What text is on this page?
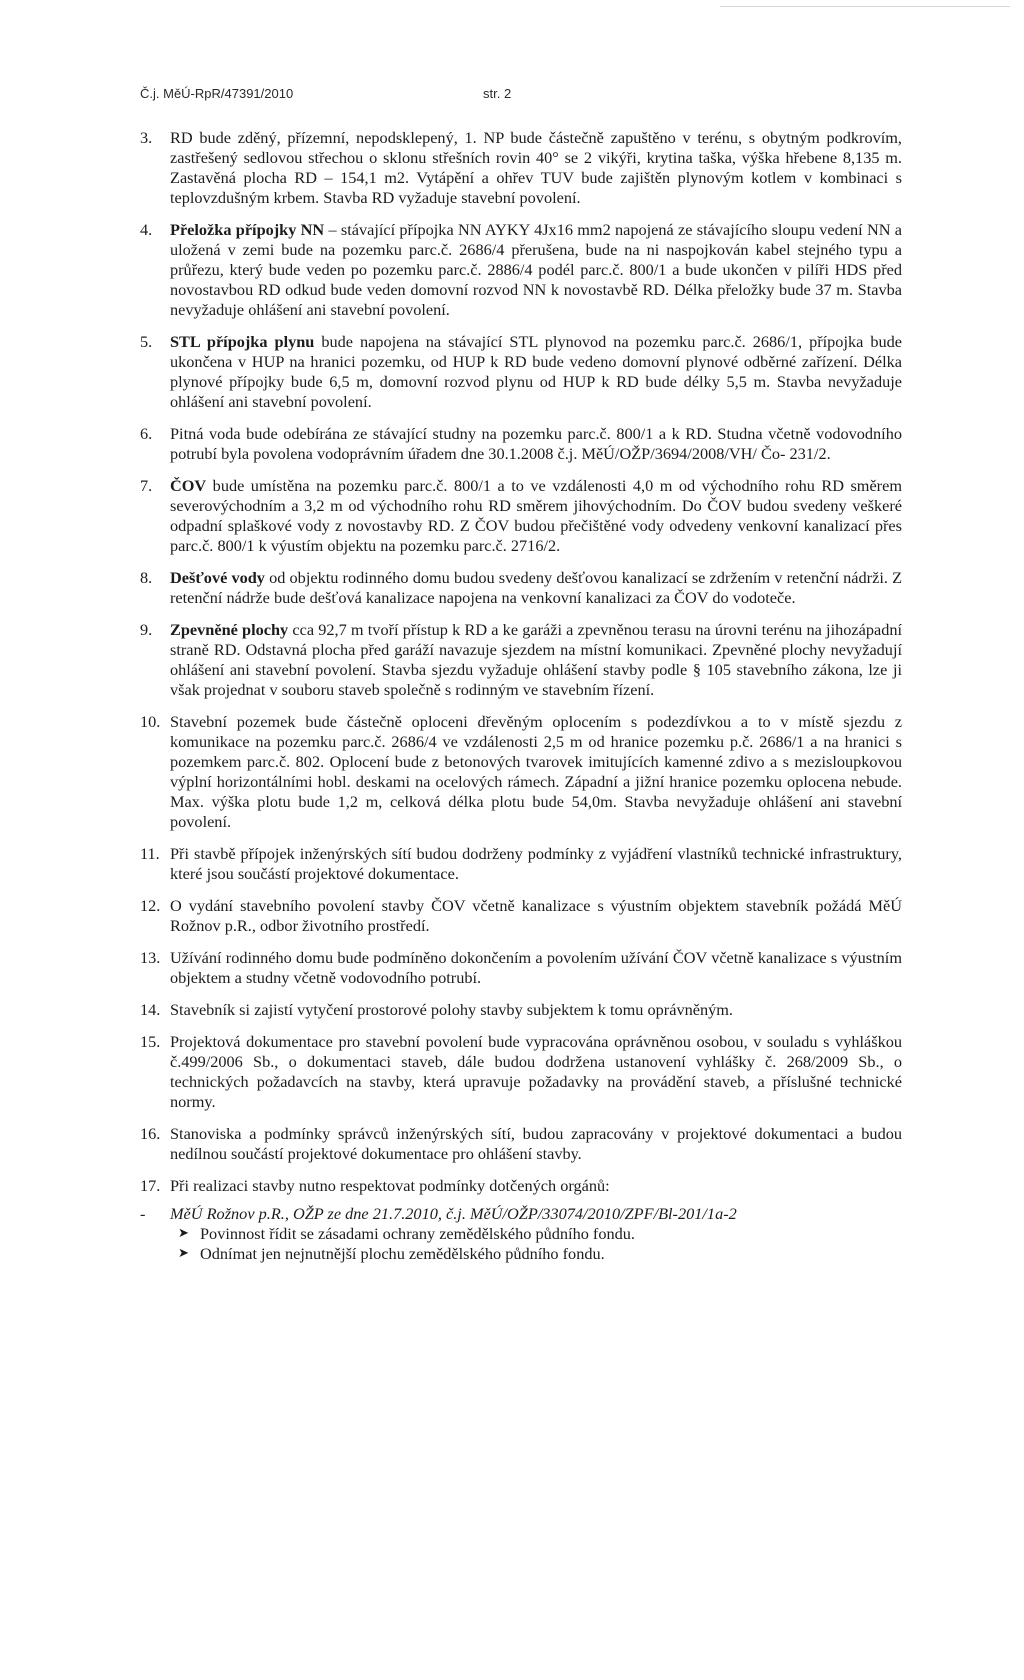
Č.j. MěÚ-RpR/47391/2010	str. 2
3.	RD bude zděný, přízemní, nepodsklepený, 1. NP bude částečně zapuštěno v terénu, s obytným podkrovím, zastřešený sedlovou střechou o sklonu střešních rovin 40° se 2 vikýři, krytina taška, výška hřebene 8,135 m. Zastavěná plocha RD – 154,1 m2. Vytápění a ohřev TUV bude zajištěn plynovým kotlem v kombinaci s teplovzdušným krbem. Stavba RD vyžaduje stavební povolení.
4.	Přeložka přípojky NN – stávající přípojka NN AYKY 4Jx16 mm2 napojená ze stávajícího sloupu vedení NN a uložená v zemi bude na pozemku parc.č. 2686/4 přerušena, bude na ni naspojkován kabel stejného typu a průřezu, který bude veden po pozemku parc.č. 2886/4 podél parc.č. 800/1 a bude ukončen v pilíři HDS před novostavbou RD odkud bude veden domovní rozvod NN k novostavbě RD. Délka přeložky bude 37 m. Stavba nevyžaduje ohlášení ani stavební povolení.
5.	STL přípojka plynu bude napojena na stávající STL plynovod na pozemku parc.č. 2686/1, přípojka bude ukončena v HUP na hranici pozemku, od HUP k RD bude vedeno domovní plynové odběrné zařízení. Délka plynové přípojky bude 6,5 m, domovní rozvod plynu od HUP k RD bude délky 5,5 m. Stavba nevyžaduje ohlášení ani stavební povolení.
6.	Pitná voda bude odebírána ze stávající studny na pozemku parc.č. 800/1 a k RD. Studna včetně vodovodního potrubí byla povolena vodoprávním úřadem dne 30.1.2008 č.j. MěÚ/OŽP/3694/2008/VH/ Čo- 231/2.
7.	ČOV bude umístěna na pozemku parc.č. 800/1 a to ve vzdálenosti 4,0 m od východního rohu RD směrem severovýchodním a 3,2 m od východního rohu RD směrem jihovýchodním. Do ČOV budou svedeny veškeré odpadní splaškové vody z novostavby RD. Z ČOV budou přečištěné vody odvedeny venkovní kanalizací přes parc.č. 800/1 k výustím objektu na pozemku parc.č. 2716/2.
8.	Dešťové vody od objektu rodinného domu budou svedeny dešťovou kanalizací se zdržením v retenční nádrži. Z retenční nádrže bude dešťová kanalizace napojena na venkovní kanalizaci za ČOV do vodoteče.
9.	Zpevněné plochy cca 92,7 m tvoří přístup k RD a ke garáži a zpevněnou terasu na úrovni terénu na jihozápadní straně RD. Odstavná plocha před garáží navazuje sjezdem na místní komunikaci. Zpevněné plochy nevyžadují ohlášení ani stavební povolení. Stavba sjezdu vyžaduje ohlášení stavby podle § 105 stavebního zákona, lze ji však projednat v souboru staveb společně s rodinným ve stavebním řízení.
10. Stavební pozemek bude částečně oploceni dřevěným oplocením s podezdívkou a to v místě sjezdu z komunikace na pozemku parc.č. 2686/4 ve vzdálenosti 2,5 m od hranice pozemku p.č. 2686/1 a na hranici s pozemkem parc.č. 802. Oplocení bude z betonových tvarovek imitujících kamenné zdivo a s mezisloupkovou výplní horizontálními hobl. deskami na ocelových rámech. Západní a jižní hranice pozemku oplocena nebude. Max. výška plotu bude 1,2 m, celková délka plotu bude 54,0m. Stavba nevyžaduje ohlášení ani stavební povolení.
11. Při stavbě přípojek inženýrských sítí budou dodrženy podmínky z vyjádření vlastníků technické infrastruktury, které jsou součástí projektové dokumentace.
12. O vydání stavebního povolení stavby ČOV včetně kanalizace s výustním objektem stavebník požádá MěÚ Rožnov p.R., odbor životního prostředí.
13. Užívání rodinného domu bude podmíněno dokončením a povolením užívání ČOV včetně kanalizace s výustním objektem a studny včetně vodovodního potrubí.
14. Stavebník si zajistí vytyčení prostorové polohy stavby subjektem k tomu oprávněným.
15. Projektová dokumentace pro stavební povolení bude vypracována oprávněnou osobou, v souladu s vyhláškou č.499/2006 Sb., o dokumentaci staveb, dále budou dodržena ustanovení vyhlášky č. 268/2009 Sb., o technických požadavcích na stavby, která upravuje požadavky na provádění staveb, a příslušné technické normy.
16. Stanoviska a podmínky správců inženýrských sítí, budou zapracovány v projektové dokumentaci a budou nedílnou součástí projektové dokumentace pro ohlášení stavby.
17. Při realizaci stavby nutno respektovat podmínky dotčených orgánů:
-	MěÚ Rožnov p.R., OŽP ze dne 21.7.2010, č.j. MěÚ/OŽP/33074/2010/ZPF/Bl-201/1a-2
➤ Povinnost řídit se zásadami ochrany zemědělského půdního fondu.
➤ Odnímat jen nejnutnější plochu zemědělského půdního fondu.
